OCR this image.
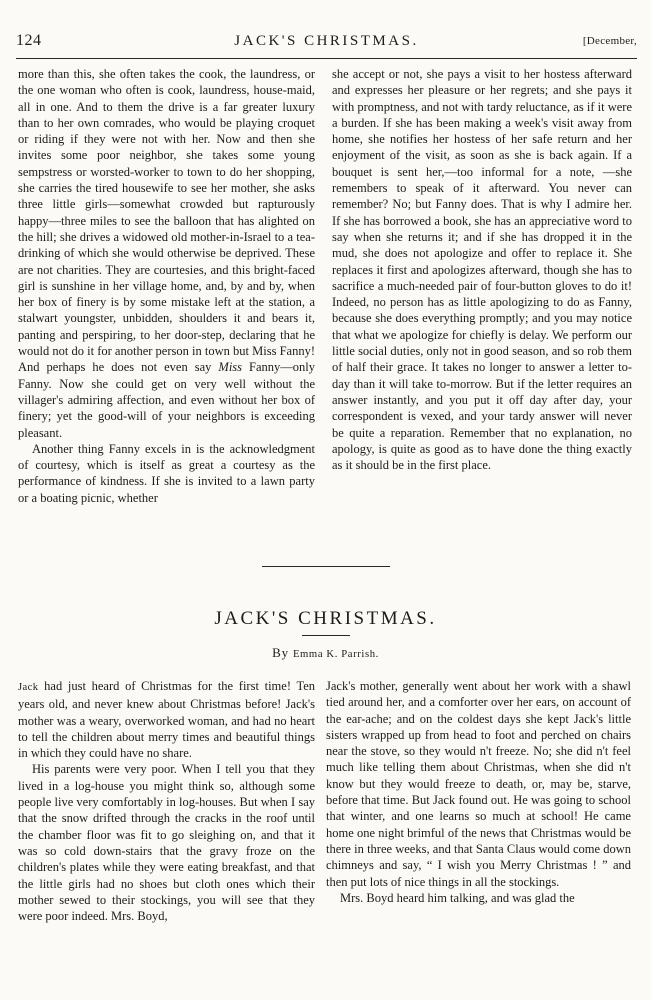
124	JACK'S CHRISTMAS.	[December,

more than this, she often takes the cook, the laundress, or the one woman who often is cook, laundress, house-maid, all in one. And to them the drive is a far greater luxury than to her own comrades, who would be playing croquet or riding if they were not with her. Now and then she invites some poor neighbor, she takes some young sempstress or worsted-worker to town to do her shopping, she carries the tired housewife to see her mother, she asks three little girls—somewhat crowded but rapturously happy—three miles to see the balloon that has alighted on the hill; she drives a widowed old mother-in-Israel to a tea-drinking of which she would otherwise be deprived. These are not charities. They are courtesies, and this bright-faced girl is sunshine in her village home, and, by and by, when her box of finery is by some mistake left at the station, a stalwart youngster, unbidden, shoulders it and bears it, panting and perspiring, to her door-step, declaring that he would not do it for another person in town but Miss Fanny! And perhaps he does not even say Miss Fanny—only Fanny. Now she could get on very well without the villager's admiring affection, and even without her box of finery; yet the good-will of your neighbors is exceeding pleasant.

Another thing Fanny excels in is the acknowledgment of courtesy, which is itself as great a courtesy as the performance of kindness. If she is invited to a lawn party or a boating picnic, whether

she accept or not, she pays a visit to her hostess afterward and expresses her pleasure or her regrets; and she pays it with promptness, and not with tardy reluctance, as if it were a burden. If she has been making a week's visit away from home, she notifies her hostess of her safe return and her enjoyment of the visit, as soon as she is back again. If a bouquet is sent her,—too informal for a note, —she remembers to speak of it afterward. You never can remember? No; but Fanny does. That is why I admire her. If she has borrowed a book, she has an appreciative word to say when she returns it; and if she has dropped it in the mud, she does not apologize and offer to replace it. She replaces it first and apologizes afterward, though she has to sacrifice a much-needed pair of four-button gloves to do it! Indeed, no person has as little apologizing to do as Fanny, because she does everything promptly; and you may notice that what we apologize for chiefly is delay. We perform our little social duties, only not in good season, and so rob them of half their grace. It takes no longer to answer a letter to-day than it will take to-morrow. But if the letter requires an answer instantly, and you put it off day after day, your correspondent is vexed, and your tardy answer will never be quite a reparation. Remember that no explanation, no apology, is quite as good as to have done the thing exactly as it should be in the first place.

JACK'S CHRISTMAS.
By Emma K. Parrish.

Jack had just heard of Christmas for the first time! Ten years old, and never knew about Christmas before! Jack's mother was a weary, overworked woman, and had no heart to tell the children about merry times and beautiful things in which they could have no share.

His parents were very poor. When I tell you that they lived in a log-house you might think so, although some people live very comfortably in log-houses. But when I say that the snow drifted through the cracks in the roof until the chamber floor was fit to go sleighing on, and that it was so cold down-stairs that the gravy froze on the children's plates while they were eating breakfast, and that the little girls had no shoes but cloth ones which their mother sewed to their stockings, you will see that they were poor indeed. Mrs. Boyd,

Jack's mother, generally went about her work with a shawl tied around her, and a comforter over her ears, on account of the ear-ache; and on the coldest days she kept Jack's little sisters wrapped up from head to foot and perched on chairs near the stove, so they would n't freeze. No; she did n't feel much like telling them about Christmas, when she did n't know but they would freeze to death, or, may be, starve, before that time. But Jack found out. He was going to school that winter, and one learns so much at school! He came home one night brimful of the news that Christmas would be there in three weeks, and that Santa Claus would come down chimneys and say, “ I wish you Merry Christmas ! ” and then put lots of nice things in all the stockings.

Mrs. Boyd heard him talking, and was glad the
